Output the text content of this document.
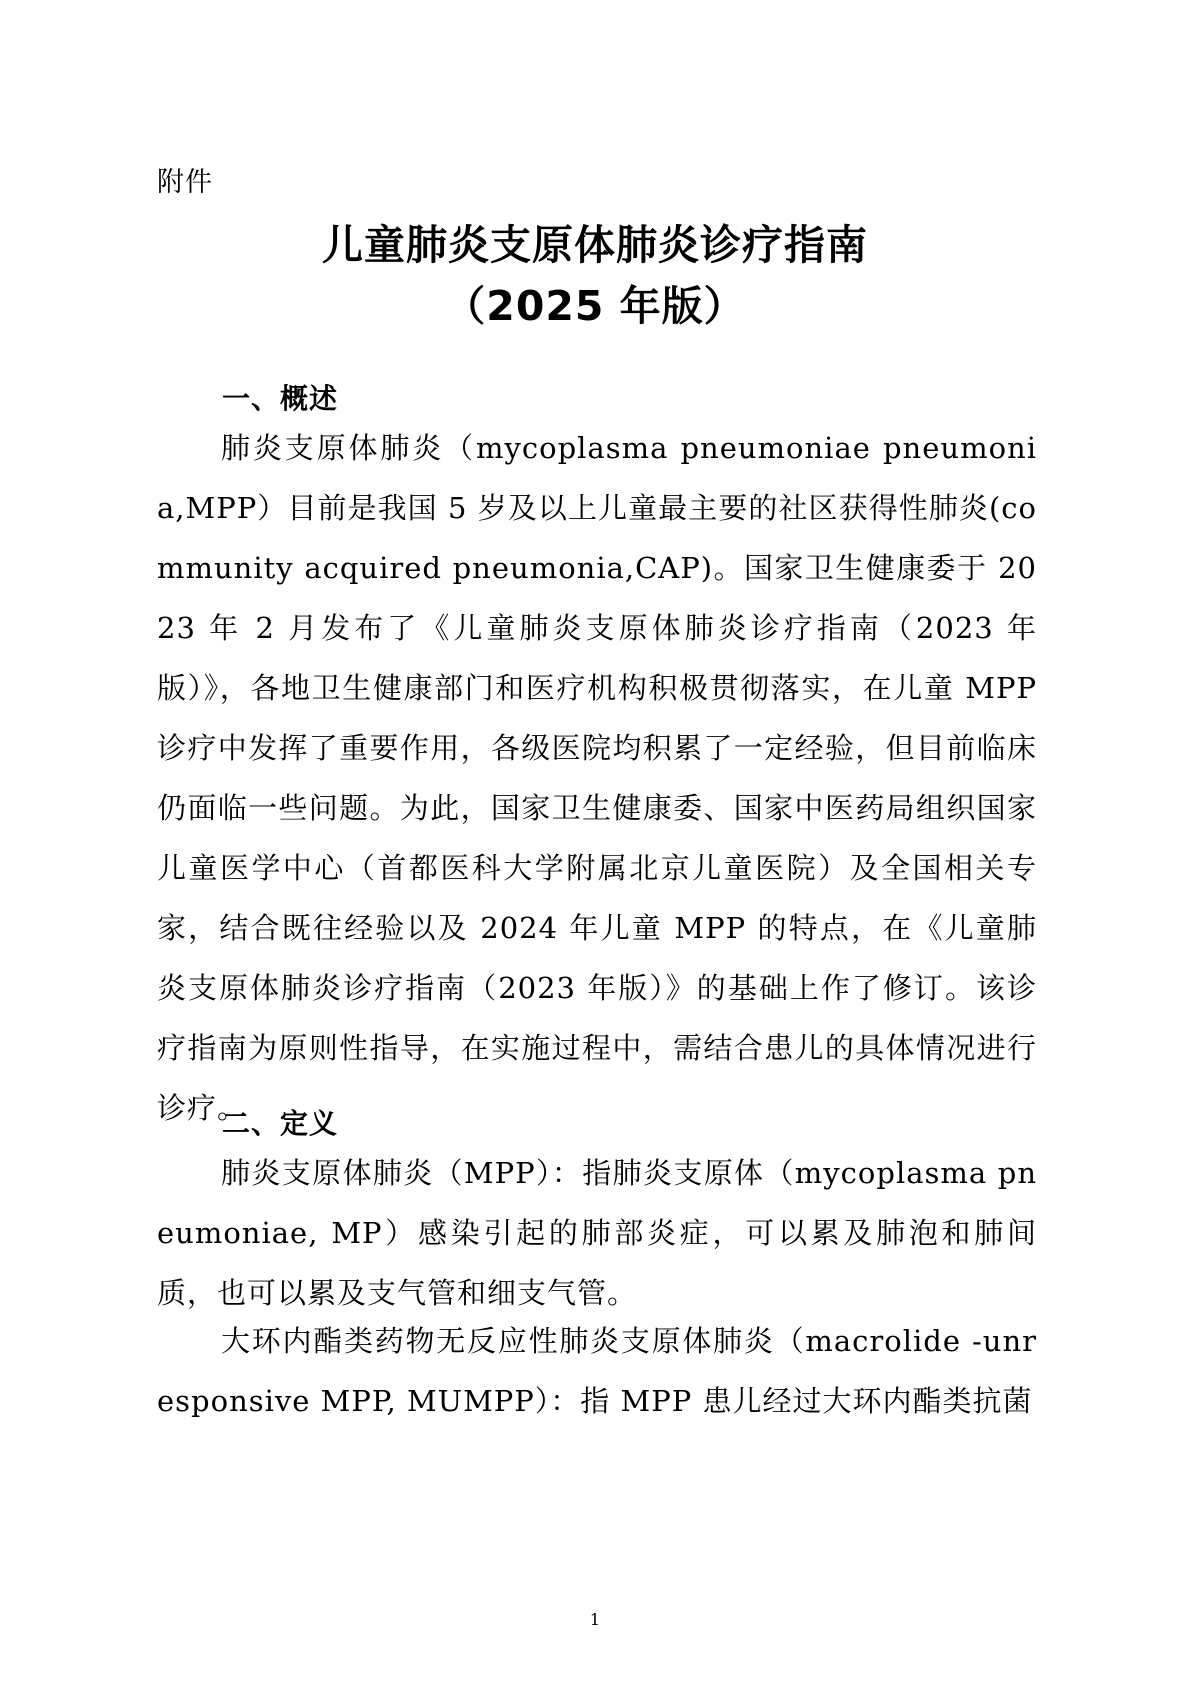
附件
儿童肺炎支原体肺炎诊疗指南
（2025 年版）
一、概述

肺炎支原体肺炎（mycoplasma pneumoniae pneumonia,MPP）目前是我国 5 岁及以上儿童最主要的社区获得性肺炎(community acquired pneumonia,CAP)。国家卫生健康委于 2023 年 2 月发布了《儿童肺炎支原体肺炎诊疗指南（2023 年版）》，各地卫生健康部门和医疗机构积极贯彻落实，在儿童 MPP 诊疗中发挥了重要作用，各级医院均积累了一定经验，但目前临床仍面临一些问题。为此，国家卫生健康委、国家中医药局组织国家儿童医学中心（首都医科大学附属北京儿童医院）及全国相关专家，结合既往经验以及 2024 年儿童 MPP 的特点，在《儿童肺炎支原体肺炎诊疗指南（2023 年版）》的基础上作了修订。该诊疗指南为原则性指导，在实施过程中，需结合患儿的具体情况进行诊疗。

二、定义

肺炎支原体肺炎（MPP）：指肺炎支原体（mycoplasma pneumoniae, MP）感染引起的肺部炎症，可以累及肺泡和肺间质，也可以累及支气管和细支气管。

大环内酯类药物无反应性肺炎支原体肺炎（macrolide -unresponsive MPP, MUMPP）：指 MPP 患儿经过大环内酯类抗菌

1
